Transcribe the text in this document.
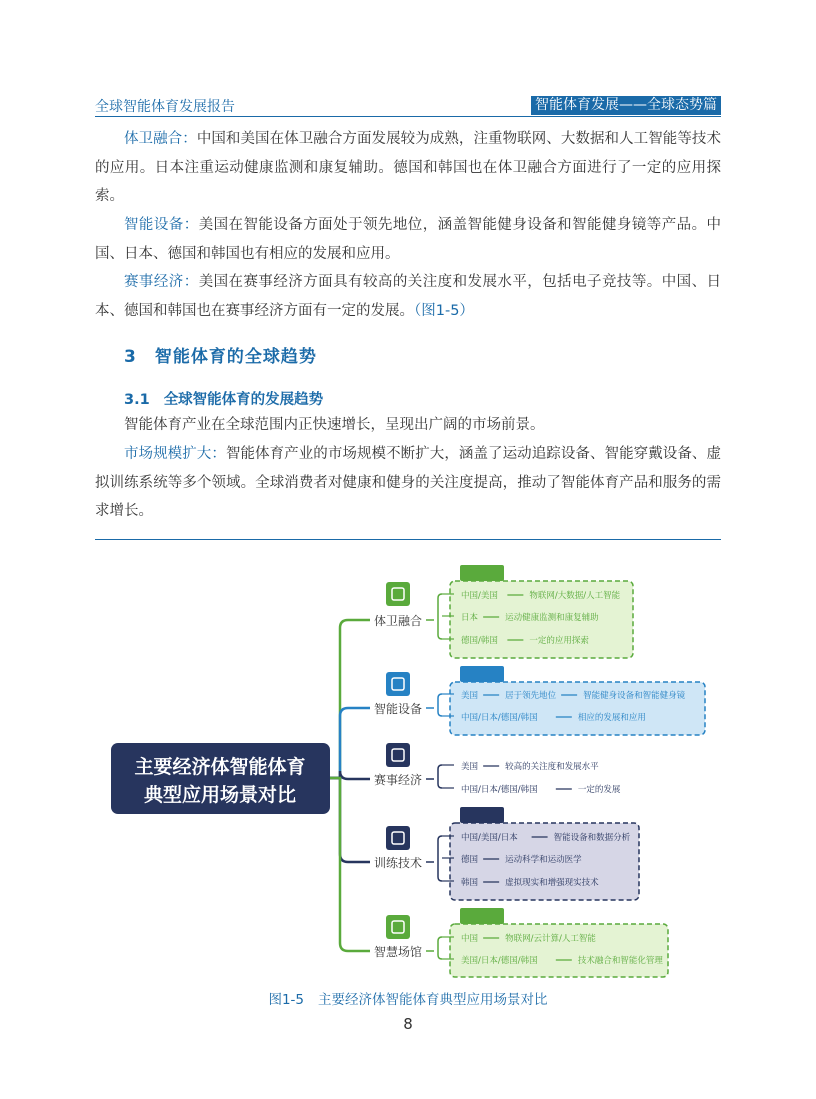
全球智能体育发展报告	智能体育发展——全球态势篇

体卫融合：中国和美国在体卫融合方面发展较为成熟，注重物联网、大数据和人工智能等技术的应用。日本注重运动健康监测和康复辅助。德国和韩国也在体卫融合方面进行了一定的应用探索。

智能设备：美国在智能设备方面处于领先地位，涵盖智能健身设备和智能健身镜等产品。中国、日本、德国和韩国也有相应的发展和应用。

赛事经济：美国在赛事经济方面具有较高的关注度和发展水平，包括电子竞技等。中国、日本、德国和韩国也在赛事经济方面有一定的发展。（图1-5）

3 智能体育的全球趋势
3.1 全球智能体育的发展趋势

智能体育产业在全球范围内正快速增长，呈现出广阔的市场前景。

市场规模扩大：智能体育产业的市场规模不断扩大，涵盖了运动追踪设备、智能穿戴设备、虚拟训练系统等多个领域。全球消费者对健康和健身的关注度提高，推动了智能体育产品和服务的需求增长。

主要经济体智能体育
典型应用场景对比
体卫融合
中国/美国	物联网/大数据/人工智能
日本	运动健康监测和康复辅助
德国/韩国	一定的应用探索
智能设备
美国	居于领先地位	智能健身设备和智能健身镜
中国/日本/德国/韩国	相应的发展和应用
赛事经济
美国	较高的关注度和发展水平
中国/日本/德国/韩国	一定的发展
训练技术
中国/美国/日本	智能设备和数据分析
德国	运动科学和运动医学
韩国	虚拟现实和增强现实技术
智慧场馆
中国	物联网/云计算/人工智能
美国/日本/德国/韩国	技术融合和智能化管理
图1-5 主要经济体智能体育典型应用场景对比
8
